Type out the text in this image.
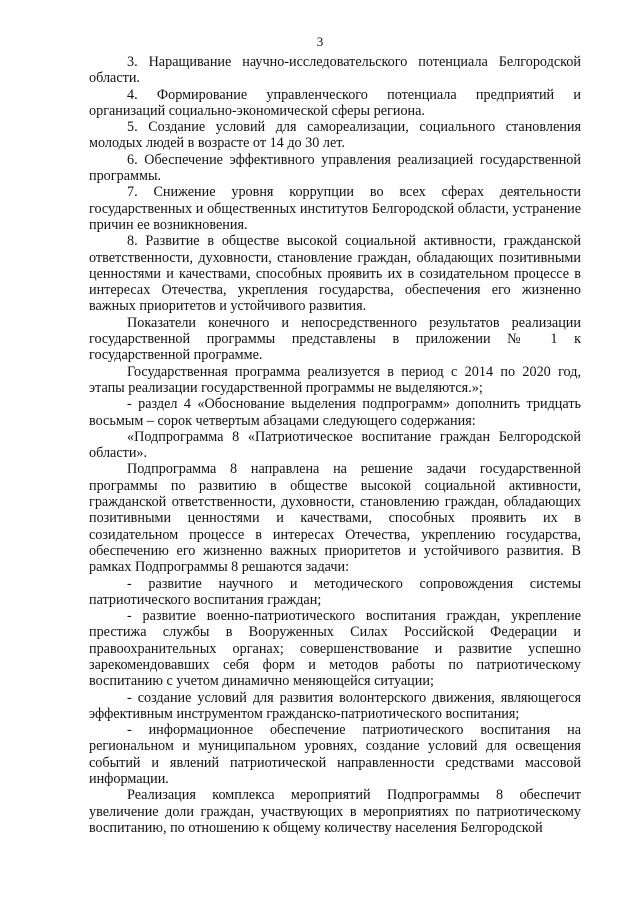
3

3. Наращивание научно-исследовательского потенциала Белгородской области.

4. Формирование управленческого потенциала предприятий и организаций социально-экономической сферы региона.

5. Создание условий для самореализации, социального становления молодых людей в возрасте от 14 до 30 лет.

6. Обеспечение эффективного управления реализацией государственной программы.

7. Снижение уровня коррупции во всех сферах деятельности государственных и общественных институтов Белгородской области, устранение причин ее возникновения.

8. Развитие в обществе высокой социальной активности, гражданской ответственности, духовности, становление граждан, обладающих позитивными ценностями и качествами, способных проявить их в созидательном процессе в интересах Отечества, укрепления государства, обеспечения его жизненно важных приоритетов и устойчивого развития.

Показатели конечного и непосредственного результатов реализации государственной программы представлены в приложении № 1 к государственной программе.

Государственная программа реализуется в период с 2014 по 2020 год, этапы реализации государственной программы не выделяются.»;

- раздел 4 «Обоснование выделения подпрограмм» дополнить тридцать восьмым – сорок четвертым абзацами следующего содержания:

«Подпрограмма 8 «Патриотическое воспитание граждан Белгородской области».

Подпрограмма 8 направлена на решение задачи государственной программы по развитию в обществе высокой социальной активности, гражданской ответственности, духовности, становлению граждан, обладающих позитивными ценностями и качествами, способных проявить их в созидательном процессе в интересах Отечества, укреплению государства, обеспечению его жизненно важных приоритетов и устойчивого развития. В рамках Подпрограммы 8 решаются задачи:

- развитие научного и методического сопровождения системы патриотического воспитания граждан;

- развитие военно-патриотического воспитания граждан, укрепление престижа службы в Вооруженных Силах Российской Федерации и правоохранительных органах; совершенствование и развитие успешно зарекомендовавших себя форм и методов работы по патриотическому воспитанию с учетом динамично меняющейся ситуации;

- создание условий для развития волонтерского движения, являющегося эффективным инструментом гражданско-патриотического воспитания;

- информационное обеспечение патриотического воспитания на региональном и муниципальном уровнях, создание условий для освещения событий и явлений патриотической направленности средствами массовой информации.

Реализация комплекса мероприятий Подпрограммы 8 обеспечит увеличение доли граждан, участвующих в мероприятиях по патриотическому воспитанию, по отношению к общему количеству населения Белгородской
